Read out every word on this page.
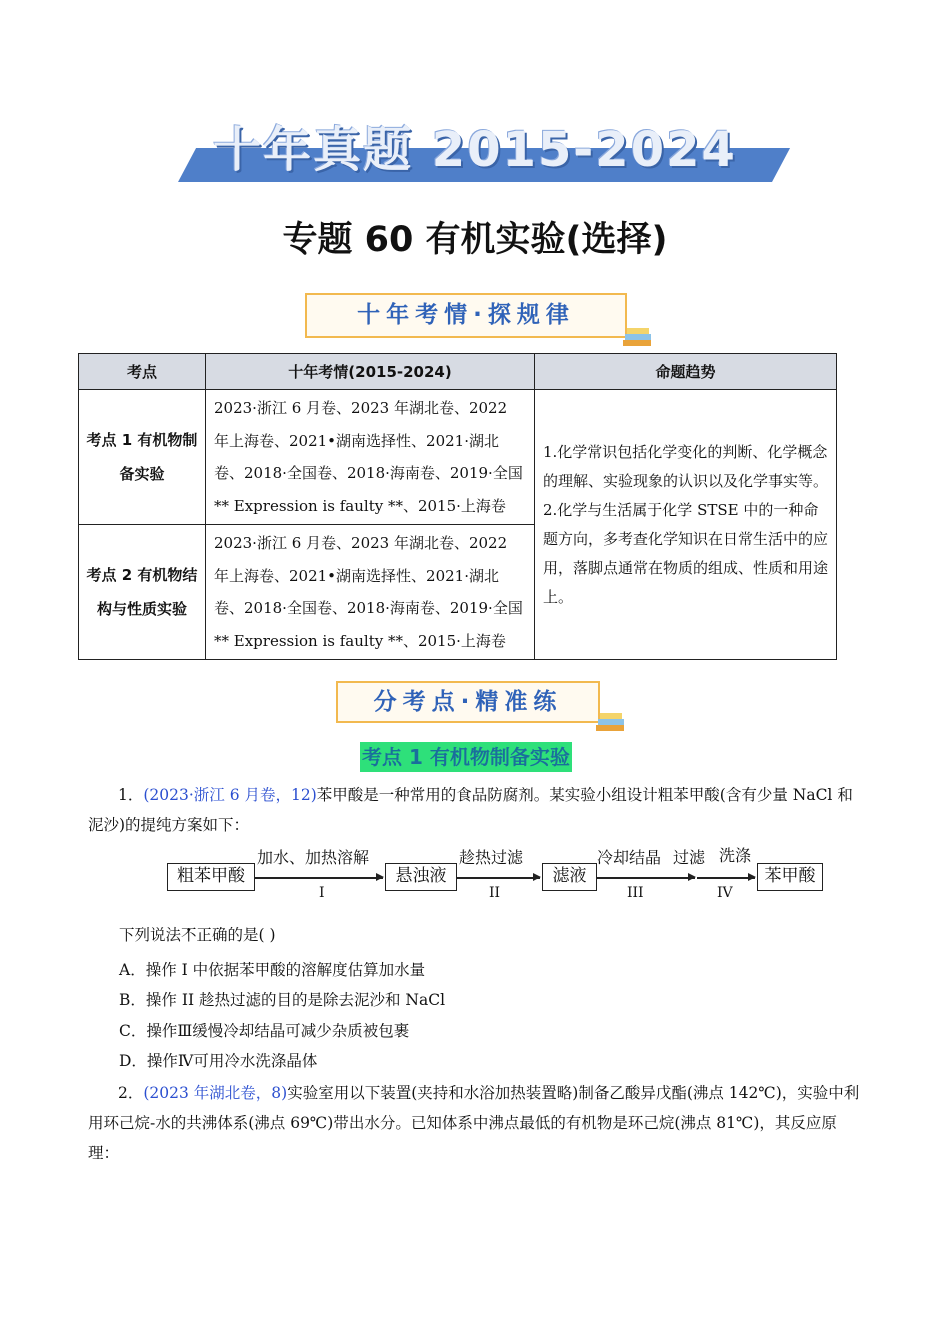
十年真题 2015-2024
专题 60 有机实验(选择)
十年考情·探规律
考点	十年考情(2015-2024)	命题趋势
考点 1 有机物制备实验	2023·浙江 6 月卷、2023 年湖北卷、2022 年上海卷、2021•湖南选择性、2021·湖北卷、2018·全国卷、2018·海南卷、2019·全国** Expression is faulty **、2015·上海卷	1.化学常识包括化学变化的判断、化学概念的理解、实验现象的认识以及化学事实等。2.化学与生活属于化学 STSE 中的一种命题方向，多考查化学知识在日常生活中的应用，落脚点通常在物质的组成、性质和用途上。
考点 2 有机物结构与性质实验	2023·浙江 6 月卷、2023 年湖北卷、2022 年上海卷、2021•湖南选择性、2021·湖北卷、2018·全国卷、2018·海南卷、2019·全国** Expression is faulty **、2015·上海卷	
分考点·精准练
考点 1 有机物制备实验
1．(2023·浙江 6 月卷，12)苯甲酸是一种常用的食品防腐剂。某实验小组设计粗苯甲酸(含有少量 NaCl 和泥沙)的提纯方案如下：
粗苯甲酸	悬浊液	滤液	苯甲酸
加水、加热溶解	趁热过滤	冷却结晶 过滤 洗涤
I	II	III	IV
下列说法不正确的是( )
A．操作 I 中依据苯甲酸的溶解度估算加水量
B．操作 II 趁热过滤的目的是除去泥沙和 NaCl
C．操作Ⅲ缓慢冷却结晶可减少杂质被包裹
D．操作Ⅳ可用冷水洗涤晶体
2．(2023 年湖北卷，8)实验室用以下装置(夹持和水浴加热装置略)制备乙酸异戊酯(沸点 142℃)，实验中利用环己烷-水的共沸体系(沸点 69℃)带出水分。已知体系中沸点最低的有机物是环己烷(沸点 81℃)，其反应原理：
